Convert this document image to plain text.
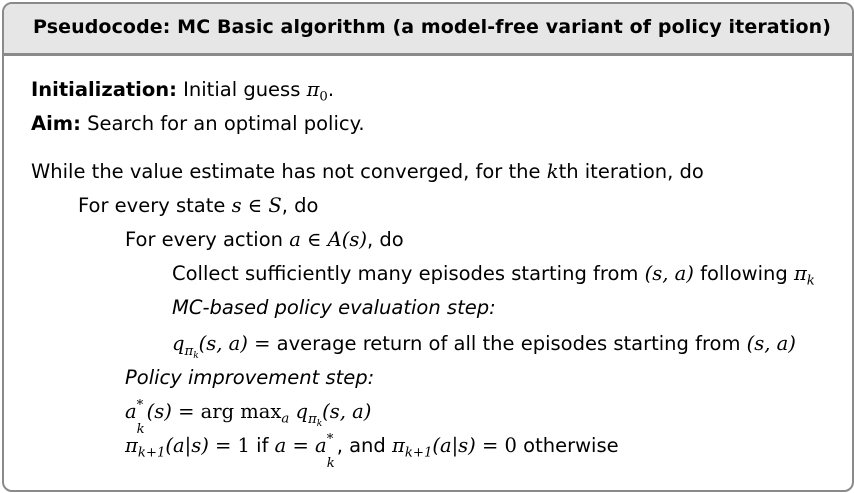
Pseudocode: MC Basic algorithm (a model-free variant of policy iteration)
Initialization: Initial guess $\pi_0$.
Aim: Search for an optimal policy.
While the value estimate has not converged, for the kth iteration, do
For every state s ∈ S, do
For every action a ∈ A(s), do
Collect sufficiently many episodes starting from (s, a) following $\pi_k$
MC-based policy evaluation step:
$q_{\pi_k}(s$, a) = average return of all the episodes starting from (s, a)
Policy improvement step:
a * (s) = arg $\max_a q_{\pi_k}(s$, a)
$\pi_{k+1}(a|s) = 1$ if a = a * , and $\pi_{k+1}(a|s) = 0$ otherwise
